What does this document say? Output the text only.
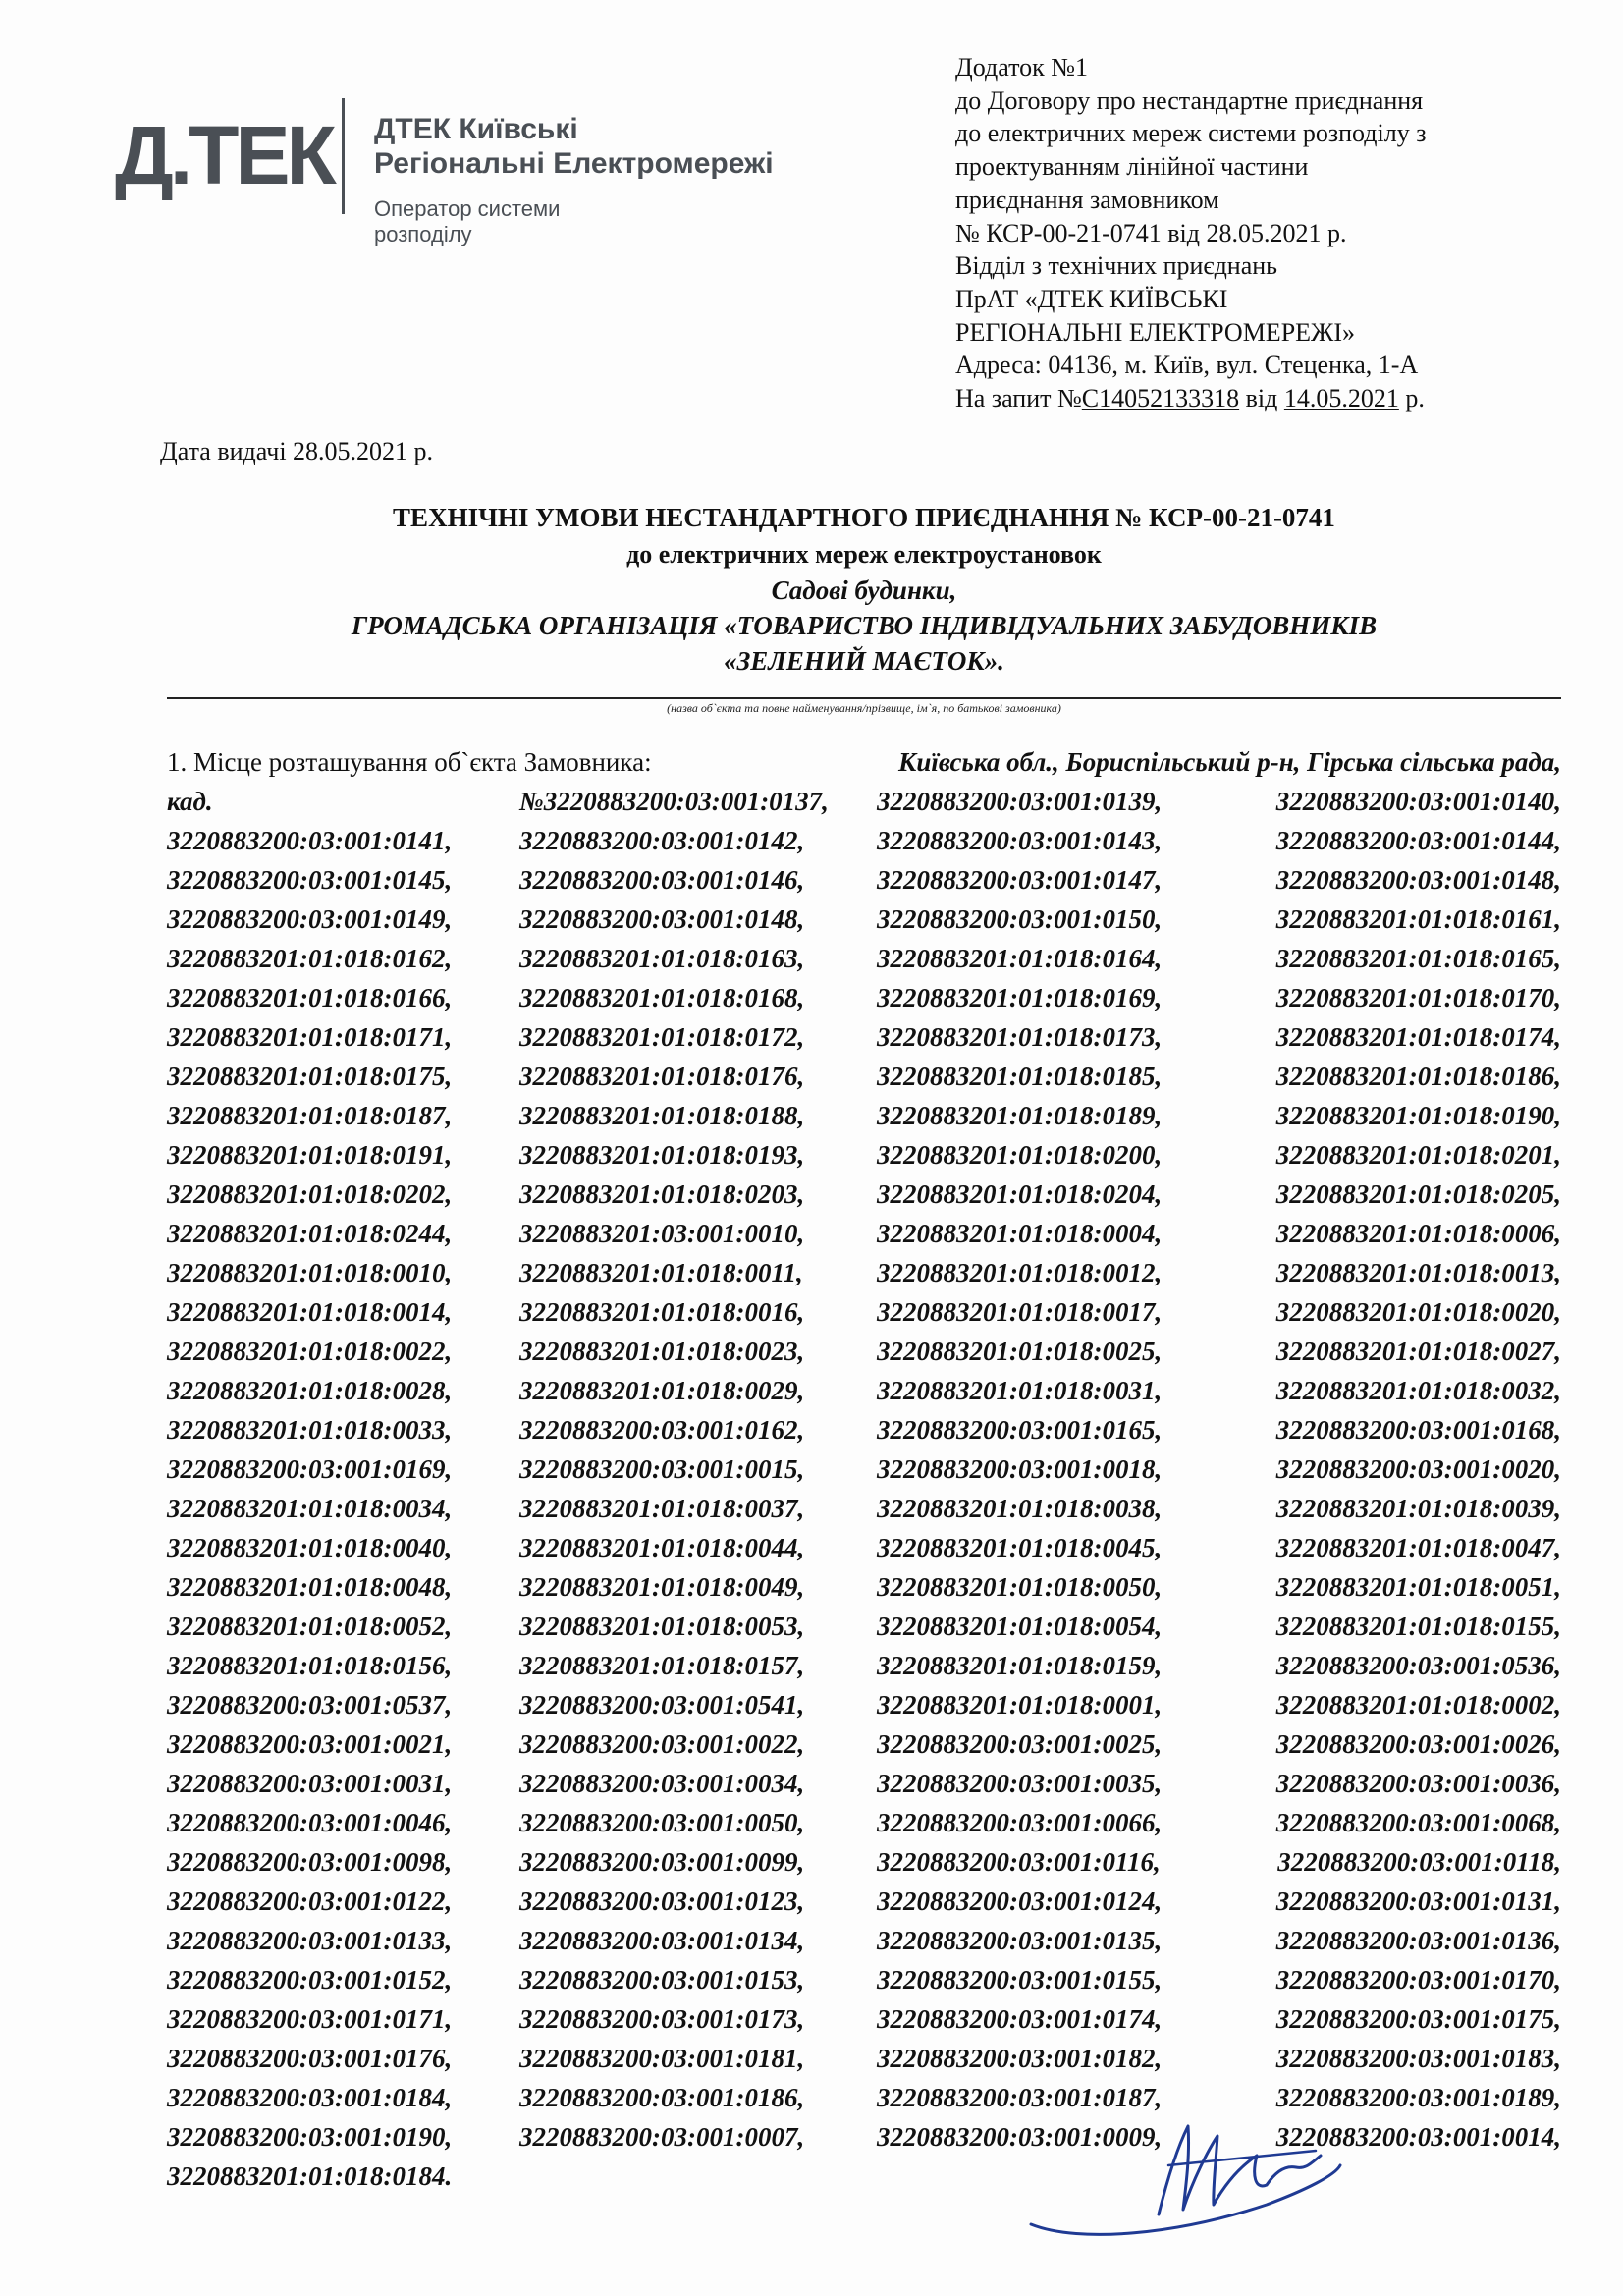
Д.ТЕК ДТЕК Київські
Регіональні Електромережі
Оператор системи
розподілу
Додаток №1
до Договору про нестандартне приєднання
до електричних мереж системи розподілу з
проектуванням лінійної частини
приєднання замовником
№ КСР-00-21-0741 від 28.05.2021 р.
Відділ з технічних приєднань
ПрАТ «ДТЕК КИЇВСЬКІ
РЕГІОНАЛЬНІ ЕЛЕКТРОМЕРЕЖІ»
Адреса: 04136, м. Київ, вул. Стеценка, 1-А
На запит №C14052133318 від 14.05.2021 р.
Дата видачі 28.05.2021 р.
ТЕХНІЧНІ УМОВИ НЕСТАНДАРТНОГО ПРИЄДНАННЯ № КСР-00-21-0741
до електричних мереж електроустановок
Садові будинки,
ГРОМАДСЬКА ОРГАНІЗАЦІЯ «ТОВАРИСТВО ІНДИВІДУАЛЬНИХ ЗАБУДОВНИКІВ
«ЗЕЛЕНИЙ МАЄТОК».
(назва об`єкта та повне найменування/прізвище, ім`я, по батькові замовника)
1. Місце розташування об`єкта Замовника:	Київська обл., Бориспільський р-н, Гірська сільська рада,
кад.	№3220883200:03:001:0137,	3220883200:03:001:0139,	3220883200:03:001:0140,
3220883200:03:001:0141,	3220883200:03:001:0142,	3220883200:03:001:0143,	3220883200:03:001:0144,
3220883200:03:001:0145,	3220883200:03:001:0146,	3220883200:03:001:0147,	3220883200:03:001:0148,
3220883200:03:001:0149,	3220883200:03:001:0148,	3220883200:03:001:0150,	3220883201:01:018:0161,
3220883201:01:018:0162,	3220883201:01:018:0163,	3220883201:01:018:0164,	3220883201:01:018:0165,
3220883201:01:018:0166,	3220883201:01:018:0168,	3220883201:01:018:0169,	3220883201:01:018:0170,
3220883201:01:018:0171,	3220883201:01:018:0172,	3220883201:01:018:0173,	3220883201:01:018:0174,
3220883201:01:018:0175,	3220883201:01:018:0176,	3220883201:01:018:0185,	3220883201:01:018:0186,
3220883201:01:018:0187,	3220883201:01:018:0188,	3220883201:01:018:0189,	3220883201:01:018:0190,
3220883201:01:018:0191,	3220883201:01:018:0193,	3220883201:01:018:0200,	3220883201:01:018:0201,
3220883201:01:018:0202,	3220883201:01:018:0203,	3220883201:01:018:0204,	3220883201:01:018:0205,
3220883201:01:018:0244,	3220883201:03:001:0010,	3220883201:01:018:0004,	3220883201:01:018:0006,
3220883201:01:018:0010,	3220883201:01:018:0011,	3220883201:01:018:0012,	3220883201:01:018:0013,
3220883201:01:018:0014,	3220883201:01:018:0016,	3220883201:01:018:0017,	3220883201:01:018:0020,
3220883201:01:018:0022,	3220883201:01:018:0023,	3220883201:01:018:0025,	3220883201:01:018:0027,
3220883201:01:018:0028,	3220883201:01:018:0029,	3220883201:01:018:0031,	3220883201:01:018:0032,
3220883201:01:018:0033,	3220883200:03:001:0162,	3220883200:03:001:0165,	3220883200:03:001:0168,
3220883200:03:001:0169,	3220883200:03:001:0015,	3220883200:03:001:0018,	3220883200:03:001:0020,
3220883201:01:018:0034,	3220883201:01:018:0037,	3220883201:01:018:0038,	3220883201:01:018:0039,
3220883201:01:018:0040,	3220883201:01:018:0044,	3220883201:01:018:0045,	3220883201:01:018:0047,
3220883201:01:018:0048,	3220883201:01:018:0049,	3220883201:01:018:0050,	3220883201:01:018:0051,
3220883201:01:018:0052,	3220883201:01:018:0053,	3220883201:01:018:0054,	3220883201:01:018:0155,
3220883201:01:018:0156,	3220883201:01:018:0157,	3220883201:01:018:0159,	3220883200:03:001:0536,
3220883200:03:001:0537,	3220883200:03:001:0541,	3220883201:01:018:0001,	3220883201:01:018:0002,
3220883200:03:001:0021,	3220883200:03:001:0022,	3220883200:03:001:0025,	3220883200:03:001:0026,
3220883200:03:001:0031,	3220883200:03:001:0034,	3220883200:03:001:0035,	3220883200:03:001:0036,
3220883200:03:001:0046,	3220883200:03:001:0050,	3220883200:03:001:0066,	3220883200:03:001:0068,
3220883200:03:001:0098,	3220883200:03:001:0099,	3220883200:03:001:0116,	3220883200:03:001:0118,
3220883200:03:001:0122,	3220883200:03:001:0123,	3220883200:03:001:0124,	3220883200:03:001:0131,
3220883200:03:001:0133,	3220883200:03:001:0134,	3220883200:03:001:0135,	3220883200:03:001:0136,
3220883200:03:001:0152,	3220883200:03:001:0153,	3220883200:03:001:0155,	3220883200:03:001:0170,
3220883200:03:001:0171,	3220883200:03:001:0173,	3220883200:03:001:0174,	3220883200:03:001:0175,
3220883200:03:001:0176,	3220883200:03:001:0181,	3220883200:03:001:0182,	3220883200:03:001:0183,
3220883200:03:001:0184,	3220883200:03:001:0186,	3220883200:03:001:0187,	3220883200:03:001:0189,
3220883200:03:001:0190,	3220883200:03:001:0007,	3220883200:03:001:0009,	3220883200:03:001:0014,
3220883201:01:018:0184.
